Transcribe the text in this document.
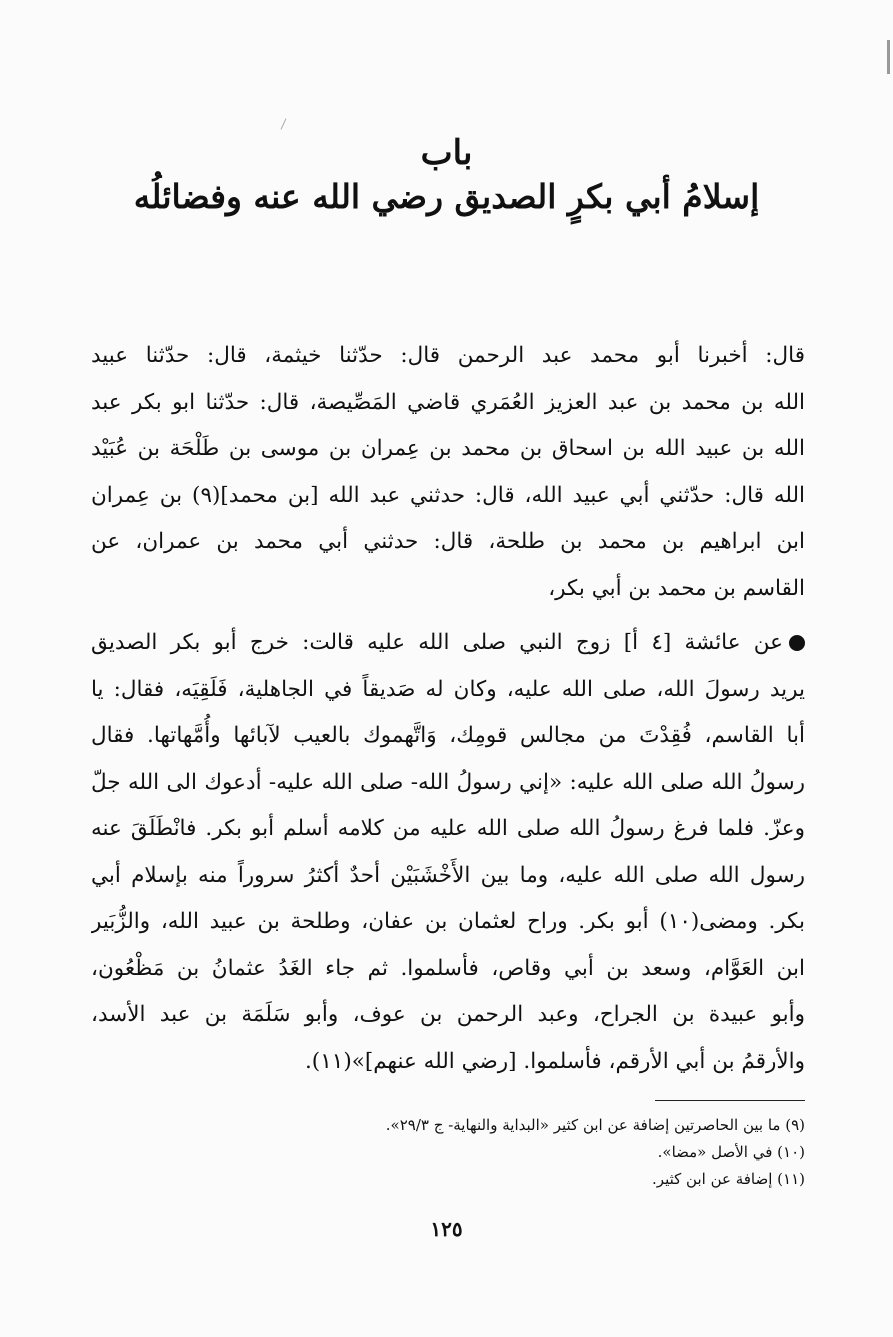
باب
إسلامُ أبي بكرٍ الصديق رضي الله عنه وفضائلُه
قال: أخبرنا أبو محمد عبد الرحمن قال: حدّثنا خيثمة، قال: حدّثنا عبيد
الله بن محمد بن عبد العزيز العُمَري قاضي المَصِّيصة، قال: حدّثنا ابو بكر عبد
الله بن عبيد الله بن اسحاق بن محمد بن عِمران بن موسى بن طَلْحَة بن عُبَيْد
الله قال: حدّثني أبي عبيد الله، قال: حدثني عبد الله [بن محمد](٩) بن عِمران
ابن ابراهيم بن محمد بن طلحة، قال: حدثني أبي محمد بن عمران، عن
القاسم بن محمد بن أبي بكر،
عن عائشة [٤ أ] زوج النبي صلى الله عليه قالت: خرج أبو بكر الصديق
يريد رسولَ الله، صلى الله عليه، وكان له صَديقاً في الجاهلية، فَلَقِيَه، فقال: يا
أبا القاسم، فُقِدْتَ من مجالس قومِك، وَاتَّهموك بالعيب لآبائها وأُمَّهاتها. فقال
رسولُ الله صلى الله عليه: «إني رسولُ الله- صلى الله عليه- أدعوك الى الله جلّ
وعزّ. فلما فرغ رسولُ الله صلى الله عليه من كلامه أسلم أبو بكر. فانْطَلَقَ عنه
رسول الله صلى الله عليه، وما بين الأَخْشَبَيْن أحدٌ أكثرُ سروراً منه بإسلام أبي
بكر. ومضى(١٠) أبو بكر. وراح لعثمان بن عفان، وطلحة بن عبيد الله، والزُّبَير
ابن العَوَّام، وسعد بن أبي وقاص، فأسلموا. ثم جاء الغَدُ عثمانُ بن مَظْعُون،
وأبو عبيدة بن الجراح، وعبد الرحمن بن عوف، وأبو سَلَمَة بن عبد الأسد،
والأرقمُ بن أبي الأرقم، فأسلموا. [رضي الله عنهم]»(١١).
(٩) ما بين الحاصرتين إضافة عن ابن كثير «البداية والنهاية- ج ٢٩/٣».
(١٠) في الأصل «مضا».
(١١) إضافة عن ابن كثير.
١٢٥
